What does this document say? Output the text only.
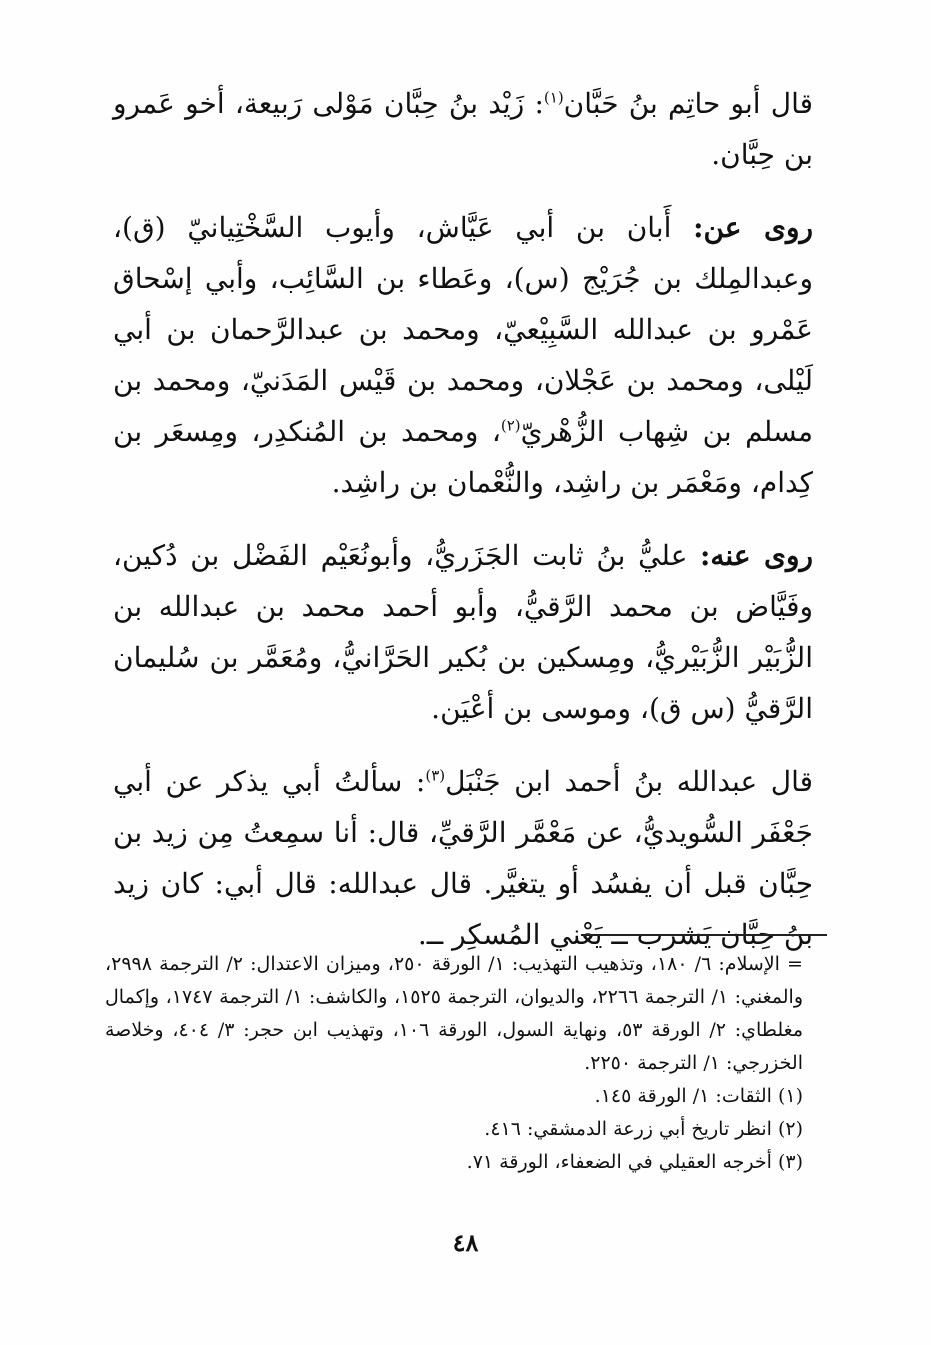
قال أبو حاتِم بنُ حَبَّان$^{(١)}$: زَيْد بنُ حِبَّان مَوْلى رَبيعة، أخو عَمرو بن حِبَّان.

روى عن: أَبان بن أبي عَيَّاش، وأيوب السَّخْتِيانيّ (ق)، وعبدالمِلك بن جُرَيْج (س)، وعَطاء بن السَّائِب، وأبي إسْحاق عَمْرو بن عبدالله السَّبِيْعيّ، ومحمد بن عبدالرَّحمان بن أبي لَيْلى، ومحمد بن عَجْلان، ومحمد بن قَيْس المَدَنيّ، ومحمد بن مسلم بن شِهاب الزُّهْريّ$^{(٢)}$، ومحمد بن المُنكدِر، ومِسعَر بن كِدام، ومَعْمَر بن راشِد، والنُّعْمان بن راشِد.

روى عنه: عليُّ بنُ ثابت الجَزَريُّ، وأبونُعَيْم الفَضْل بن دُكين، وفَيَّاض بن محمد الرَّقيُّ، وأبو أحمد محمد بن عبدالله بن الزُّبَيْر الزُّبَيْريُّ، ومِسكين بن بُكير الحَرَّانيُّ، ومُعَمَّر بن سُليمان الرَّقيُّ (س ق)، وموسى بن أعْيَن.

قال عبدالله بنُ أحمد ابن جَنْبَل$^{(٣)}$: سألتُ أبي يذكر عن أبي جَعْفَر السُّويديُّ، عن مَعْمَّر الرَّقيِّ، قال: أنا سمِعتُ مِن زيد بن حِبَّان قبل أن يفسُد أو يتغيَّر. قال عبدالله: قال أبي: كان زيد بنُ حِبَّان يَشرب ــ يَعْني المُسكِر ــ.

= الإسلام: ٦/ ١٨٠، وتذهيب التهذيب: ١/ الورقة ٢٥٠، وميزان الاعتدال: ٢/ الترجمة ٢٩٩٨، والمغني: ١/ الترجمة ٢٢٦٦، والديوان، الترجمة ١٥٢٥، والكاشف: ١/ الترجمة ١٧٤٧، وإكمال مغلطاي: ٢/ الورقة ٥٣، ونهاية السول، الورقة ١٠٦، وتهذيب ابن حجر: ٣/ ٤٠٤، وخلاصة الخزرجي: ١/ الترجمة ٢٢٥٠.

(١) الثقات: ١/ الورقة ١٤٥.

(٢) انظر تاريخ أبي زرعة الدمشقي: ٤١٦.

(٣) أخرجه العقيلي في الضعفاء، الورقة ٧١.

٤٨
